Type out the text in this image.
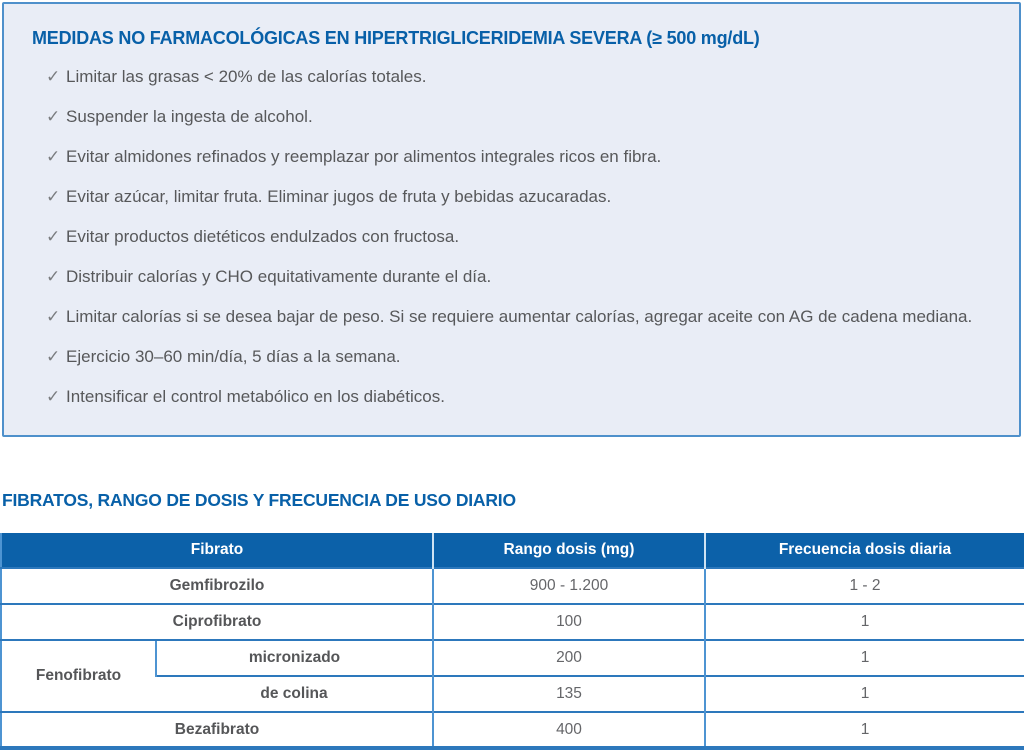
MEDIDAS NO FARMACOLÓGICAS EN HIPERTRIGLICERIDEMIA SEVERA (≥ 500 mg/dL)
✓ Limitar las grasas < 20% de las calorías totales.
✓ Suspender la ingesta de alcohol.
✓ Evitar almidones refinados y reemplazar por alimentos integrales ricos en fibra.
✓ Evitar azúcar, limitar fruta. Eliminar jugos de fruta y bebidas azucaradas.
✓ Evitar productos dietéticos endulzados con fructosa.
✓ Distribuir calorías y CHO equitativamente durante el día.
✓ Limitar calorías si se desea bajar de peso. Si se requiere aumentar calorías, agregar aceite con AG de cadena mediana.
✓ Ejercicio 30–60 min/día, 5 días a la semana.
✓ Intensificar el control metabólico en los diabéticos.
FIBRATOS, RANGO DE DOSIS Y FRECUENCIA DE USO DIARIO
Fibrato		Rango dosis (mg)	Frecuencia dosis diaria
Gemfibrozilo		900 - 1.200	1 - 2
Ciprofibrato		100	1
Fenofibrato	micronizado	200	1
	de colina	135	1
Bezafibrato		400	1
